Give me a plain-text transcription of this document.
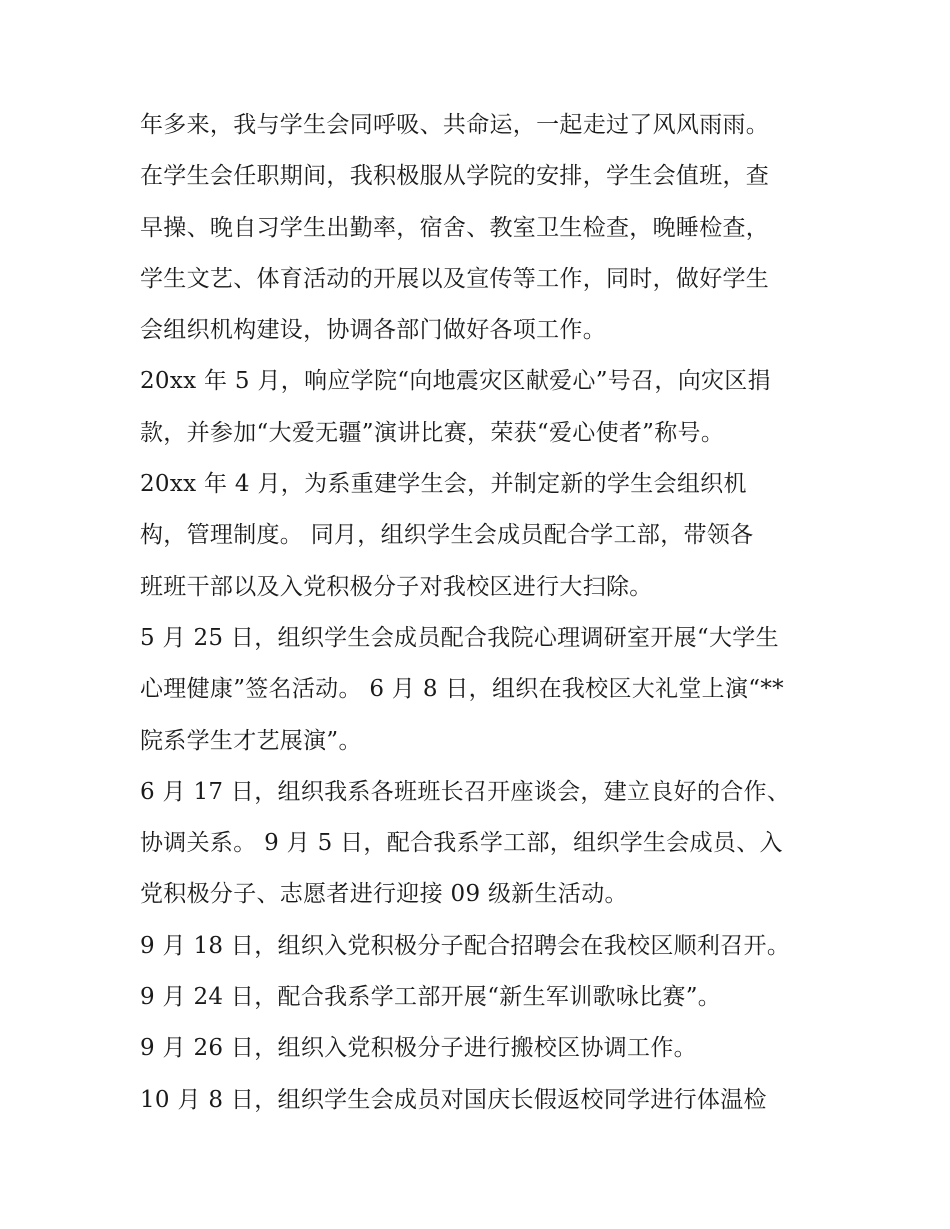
年多来，我与学生会同呼吸、共命运，一起走过了风风雨雨。
在学生会任职期间，我积极服从学院的安排，学生会值班，查
早操、晚自习学生出勤率，宿舍、教室卫生检查，晚睡检查，
学生文艺、体育活动的开展以及宣传等工作，同时，做好学生
会组织机构建设，协调各部门做好各项工作。
20xx 年 5 月，响应学院“向地震灾区献爱心”号召，向灾区捐
款，并参加“大爱无疆”演讲比赛，荣获“爱心使者”称号。
20xx 年 4 月，为系重建学生会，并制定新的学生会组织机
构，管理制度。 同月，组织学生会成员配合学工部，带领各
班班干部以及入党积极分子对我校区进行大扫除。
5 月 25 日，组织学生会成员配合我院心理调研室开展“大学生
心理健康”签名活动。 6 月 8 日，组织在我校区大礼堂上演“**
院系学生才艺展演”。
6 月 17 日，组织我系各班班长召开座谈会，建立良好的合作、
协调关系。 9 月 5 日，配合我系学工部，组织学生会成员、入
党积极分子、志愿者进行迎接 09 级新生活动。
9 月 18 日，组织入党积极分子配合招聘会在我校区顺利召开。
9 月 24 日，配合我系学工部开展“新生军训歌咏比赛”。
9 月 26 日，组织入党积极分子进行搬校区协调工作。
10 月 8 日，组织学生会成员对国庆长假返校同学进行体温检
